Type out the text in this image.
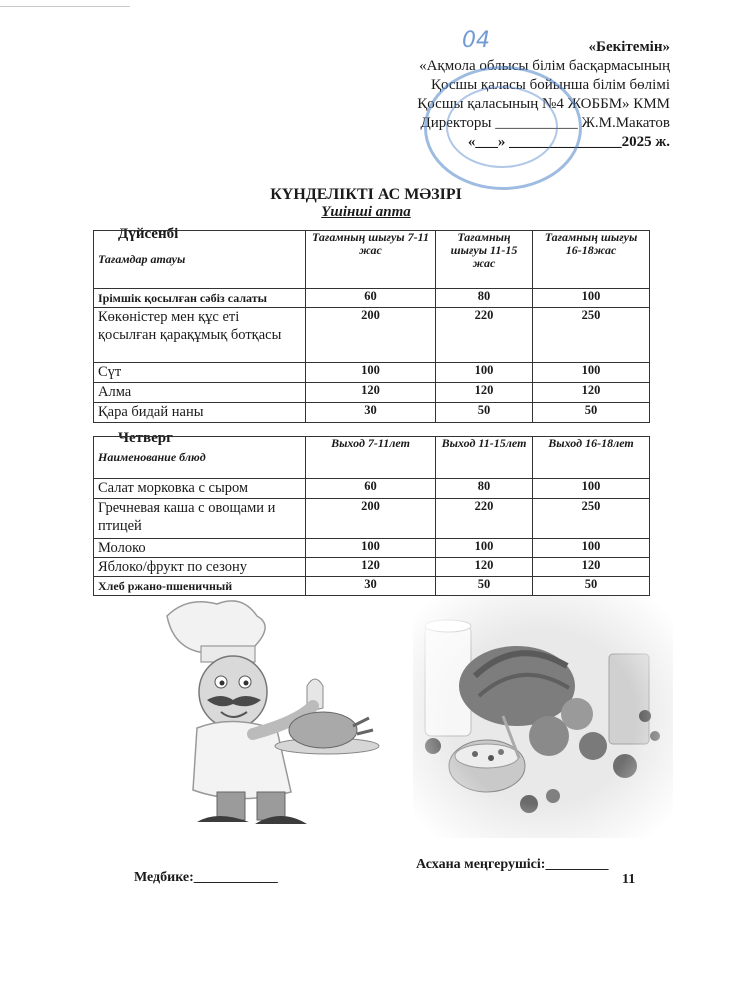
«Бекітемін»
«Ақмола облысы білім басқармасының
Қосшы қаласы бойынша білім бөлімі
Қосшы қаласының №4 ЖОББМ» КММ
Директоры ___________ Ж.М.Макатов
«___» _______________2025 ж.
04
КҮНДЕЛІКТІ АС МӘЗІРІ
Үшінші апта
Дүйсенбі
Тағамдар атауы	Тағамның шығуы 7-11 жас	Тағамның шығуы 11-15 жас	Тағамның шығуы 16-18жас
Ірімшік қосылған сәбіз салаты	60	80	100
Көкөністер мен құс еті қосылған қарақұмық ботқасы	200	220	250
Сүт	100	100	100
Алма	120	120	120
Қара бидай наны	30	50	50
Четверг
Наименование блюд	Выход 7-11лет	Выход 11-15лет	Выход 16-18лет
Салат морковка с сыром	60	80	100
Гречневая каша с овощами и птицей	200	220	250
Молоко	100	100	100
Яблоко/фрукт по сезону	120	120	120
Хлеб ржано-пшеничный	30	50	50
Медбике:____________
Асхана меңгерушісі:_________
11
